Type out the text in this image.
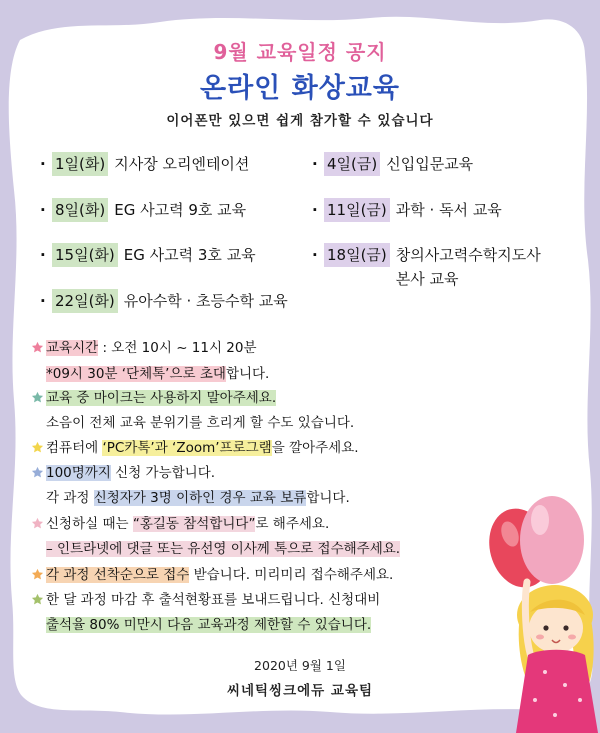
9월 교육일정 공지
온라인 화상교육
이어폰만 있으면 쉽게 참가할 수 있습니다
· 1일(화) 지사장 오리엔테이션
· 8일(화) EG 사고력 9호 교육
· 15일(화) EG 사고력 3호 교육
· 22일(화) 유아수학 · 초등수학 교육
· 4일(금) 신입입문교육
· 11일(금) 과학 · 독서 교육
· 18일(금) 창의사고력수학지도사
본사 교육
교육시간 : 오전 10시 ~ 11시 20분
*09시 30분 ‘단체톡’으로 초대합니다.
교육 중 마이크는 사용하지 말아주세요.
소음이 전체 교육 분위기를 흐리게 할 수도 있습니다.
컴퓨터에 ‘PC카톡’과 ‘Zoom’프로그램을 깔아주세요.
100명까지 신청 가능합니다.
각 과정 신청자가 3명 이하인 경우 교육 보류합니다.
신청하실 때는 “홍길동 참석합니다”로 해주세요.
– 인트라넷에 댓글 또는 유선영 이사께 톡으로 접수해주세요.
각 과정 선착순으로 접수 받습니다. 미리미리 접수해주세요.
한 달 과정 마감 후 출석현황표를 보내드립니다. 신청대비
출석율 80% 미만시 다음 교육과정 제한할 수 있습니다.
2020년 9월 1일
씨네틱씽크에듀 교육팀
